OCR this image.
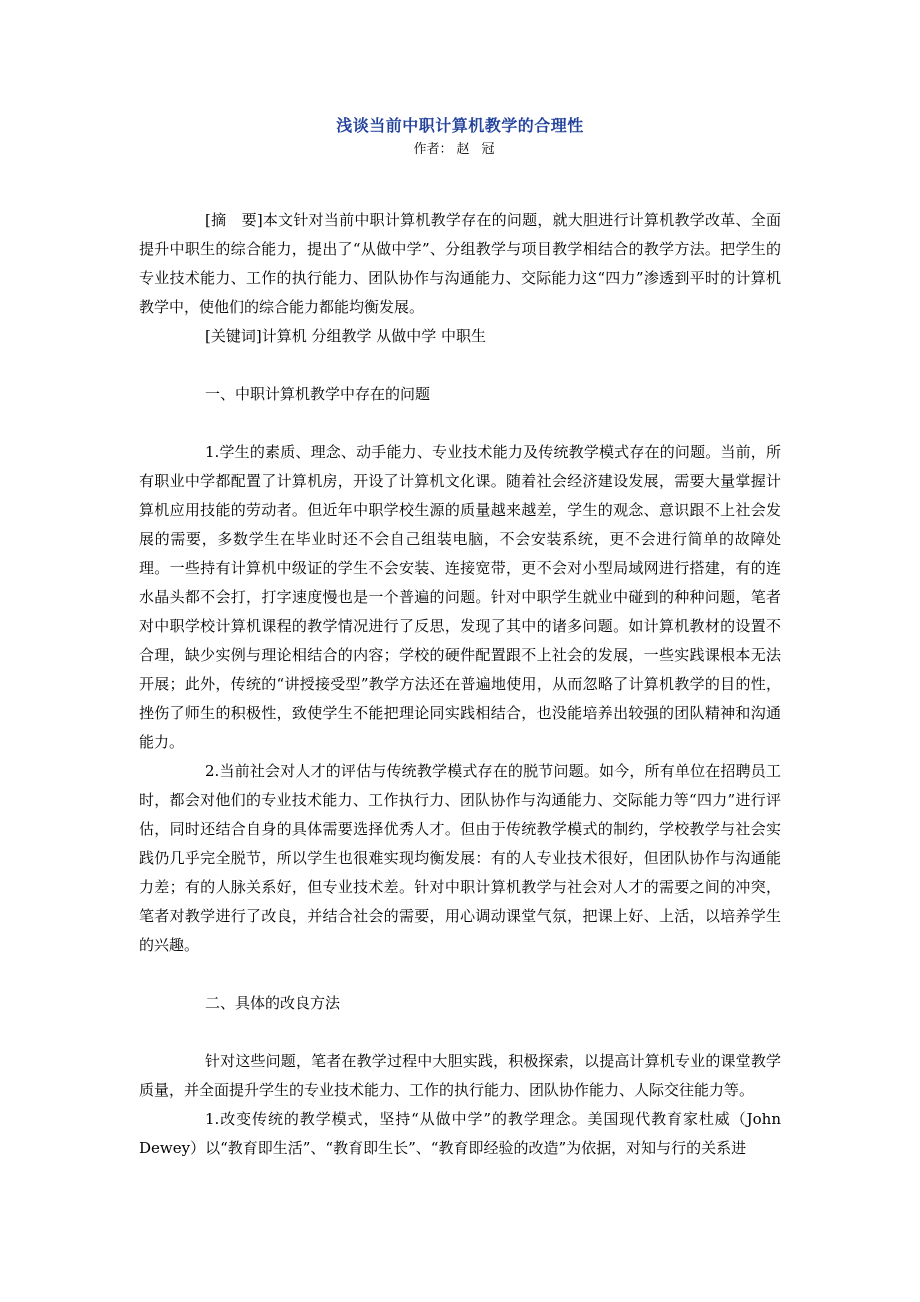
浅谈当前中职计算机教学的合理性
作者： 赵冠

[摘　要]本文针对当前中职计算机教学存在的问题，就大胆进行计算机教学改革、全面提升中职生的综合能力，提出了“从做中学”、分组教学与项目教学相结合的教学方法。把学生的专业技术能力、工作的执行能力、团队协作与沟通能力、交际能力这“四力”渗透到平时的计算机教学中，使他们的综合能力都能均衡发展。

[关键词]计算机 分组教学 从做中学 中职生

一、中职计算机教学中存在的问题

1.学生的素质、理念、动手能力、专业技术能力及传统教学模式存在的问题。当前，所有职业中学都配置了计算机房，开设了计算机文化课。随着社会经济建设发展，需要大量掌握计算机应用技能的劳动者。但近年中职学校生源的质量越来越差，学生的观念、意识跟不上社会发展的需要，多数学生在毕业时还不会自己组装电脑，不会安装系统，更不会进行简单的故障处理。一些持有计算机中级证的学生不会安装、连接宽带，更不会对小型局域网进行搭建，有的连水晶头都不会打，打字速度慢也是一个普遍的问题。针对中职学生就业中碰到的种种问题，笔者对中职学校计算机课程的教学情况进行了反思，发现了其中的诸多问题。如计算机教材的设置不合理，缺少实例与理论相结合的内容；学校的硬件配置跟不上社会的发展，一些实践课根本无法开展；此外，传统的“讲授接受型”教学方法还在普遍地使用，从而忽略了计算机教学的目的性，挫伤了师生的积极性，致使学生不能把理论同实践相结合，也没能培养出较强的团队精神和沟通能力。

2.当前社会对人才的评估与传统教学模式存在的脱节问题。如今，所有单位在招聘员工时，都会对他们的专业技术能力、工作执行力、团队协作与沟通能力、交际能力等“四力”进行评估，同时还结合自身的具体需要选择优秀人才。但由于传统教学模式的制约，学校教学与社会实践仍几乎完全脱节，所以学生也很难实现均衡发展：有的人专业技术很好，但团队协作与沟通能力差；有的人脉关系好，但专业技术差。针对中职计算机教学与社会对人才的需要之间的冲突，笔者对教学进行了改良，并结合社会的需要，用心调动课堂气氛，把课上好、上活，以培养学生的兴趣。

二、具体的改良方法

针对这些问题，笔者在教学过程中大胆实践，积极探索，以提高计算机专业的课堂教学质量，并全面提升学生的专业技术能力、工作的执行能力、团队协作能力、人际交往能力等。

1.改变传统的教学模式，坚持“从做中学”的教学理念。美国现代教育家杜威（John Dewey）以“教育即生活”、“教育即生长”、“教育即经验的改造”为依据，对知与行的关系进
